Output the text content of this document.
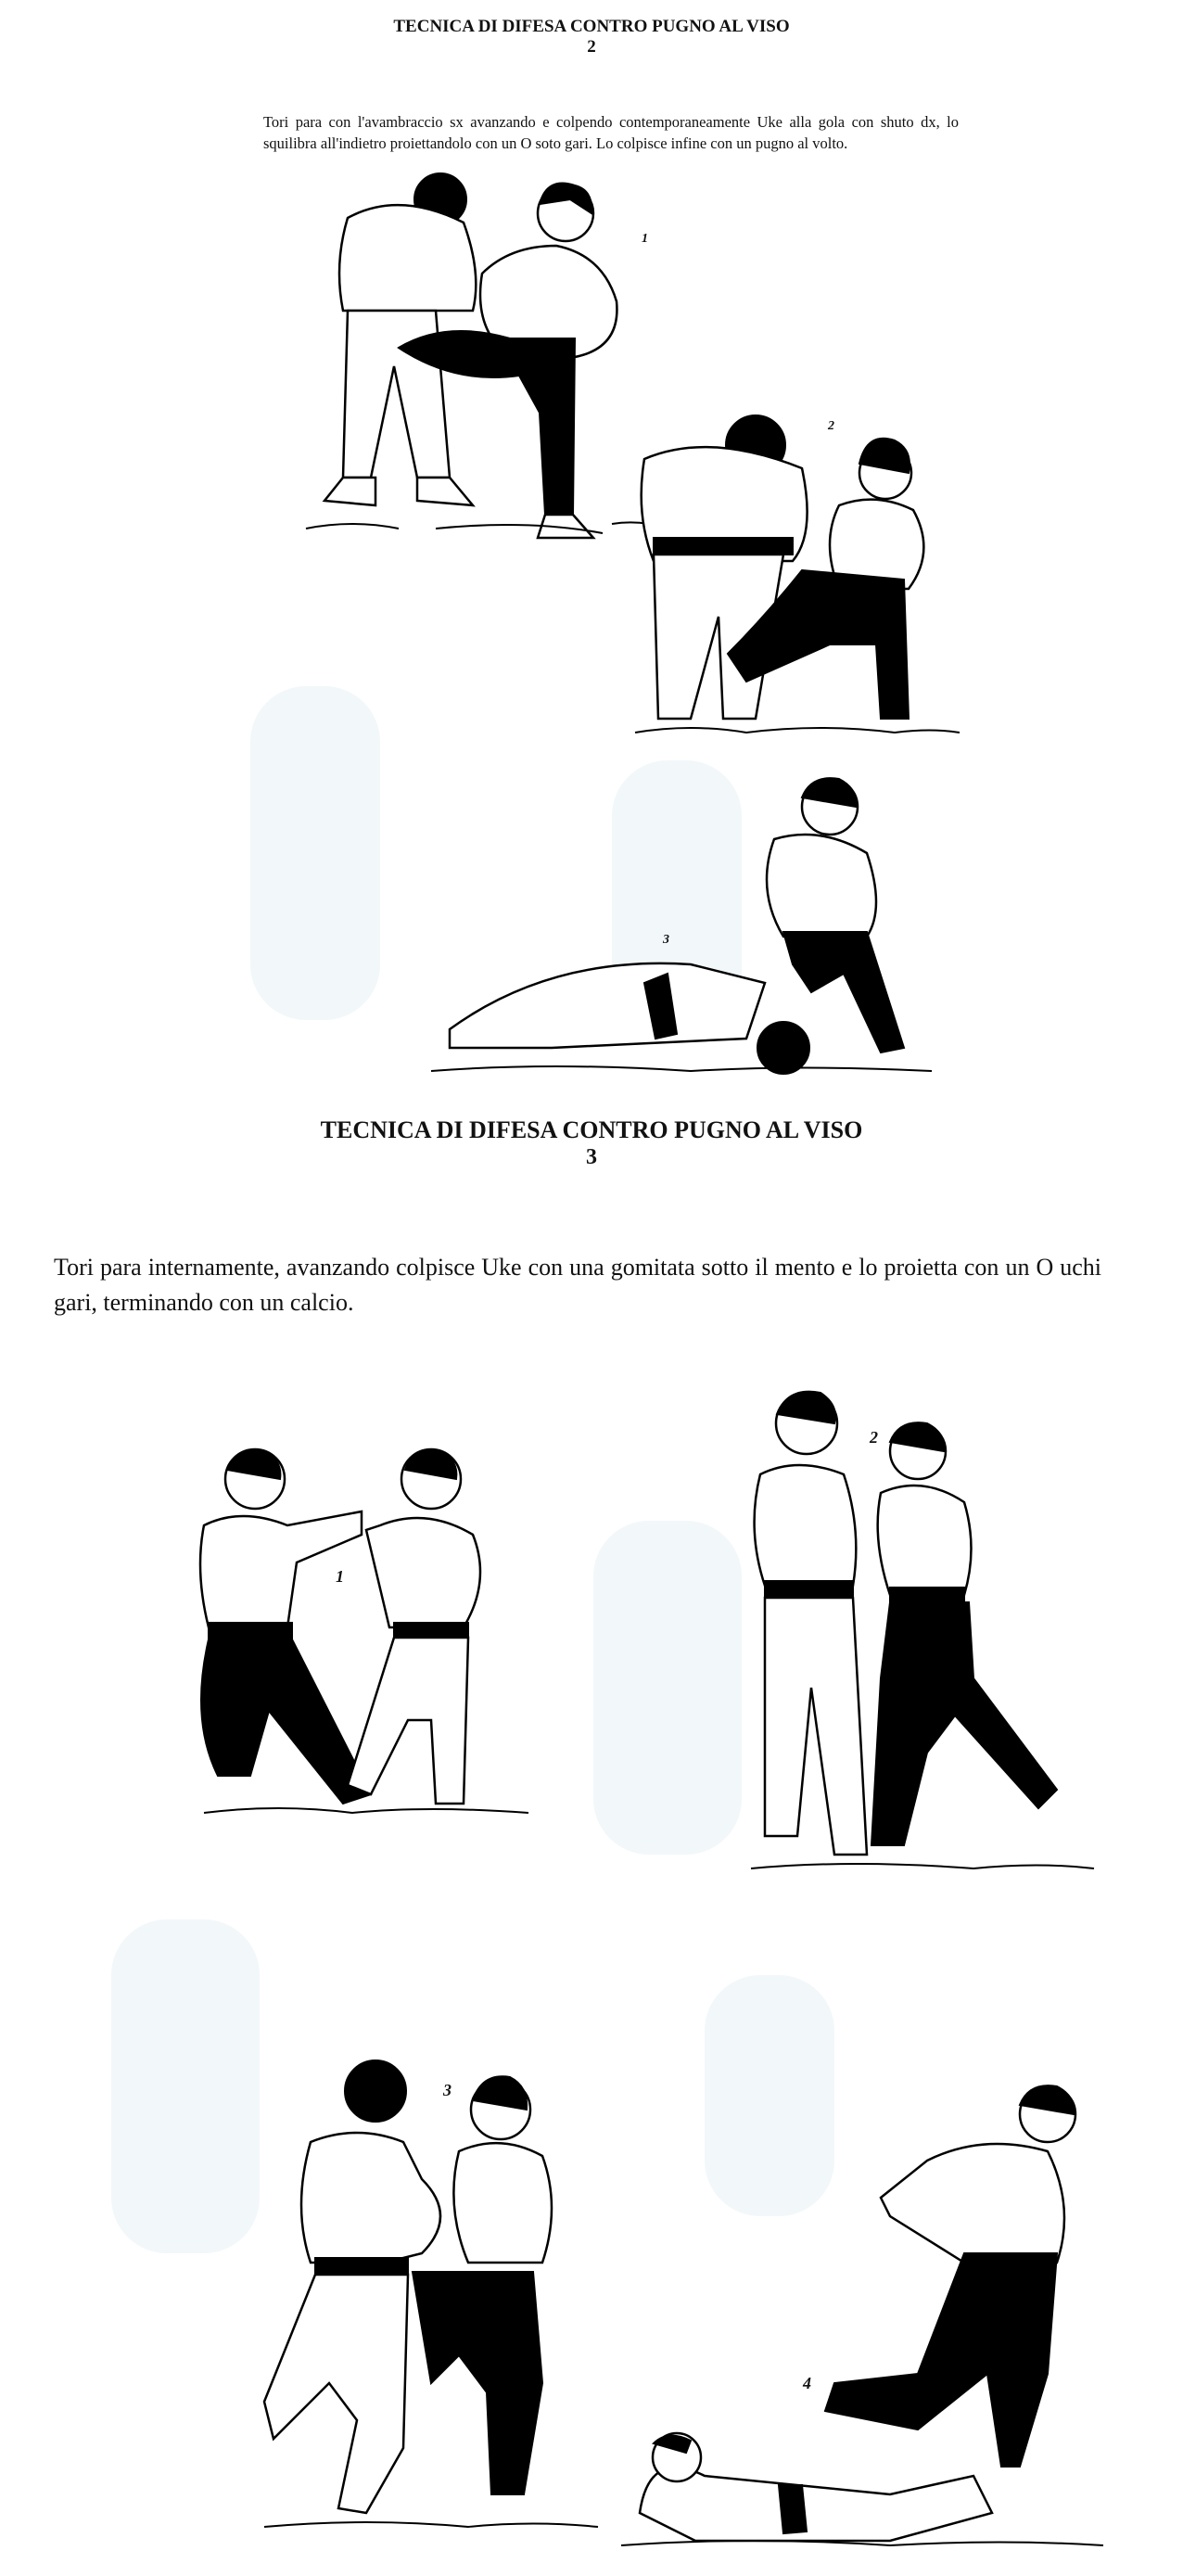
TECNICA DI DIFESA CONTRO PUGNO AL VISO
2

Tori para con l'avambraccio sx avanzando e colpendo contemporaneamente Uke alla gola con shuto dx, lo squilibra all'indietro proiettandolo con un O soto gari. Lo colpisce infine con un pugno al volto.

1
2
3
TECNICA DI DIFESA CONTRO PUGNO AL VISO
3

Tori para internamente, avanzando colpisce Uke con una gomitata sotto il mento e lo proietta con un O uchi gari, terminando con un calcio.

1
2
3
4
